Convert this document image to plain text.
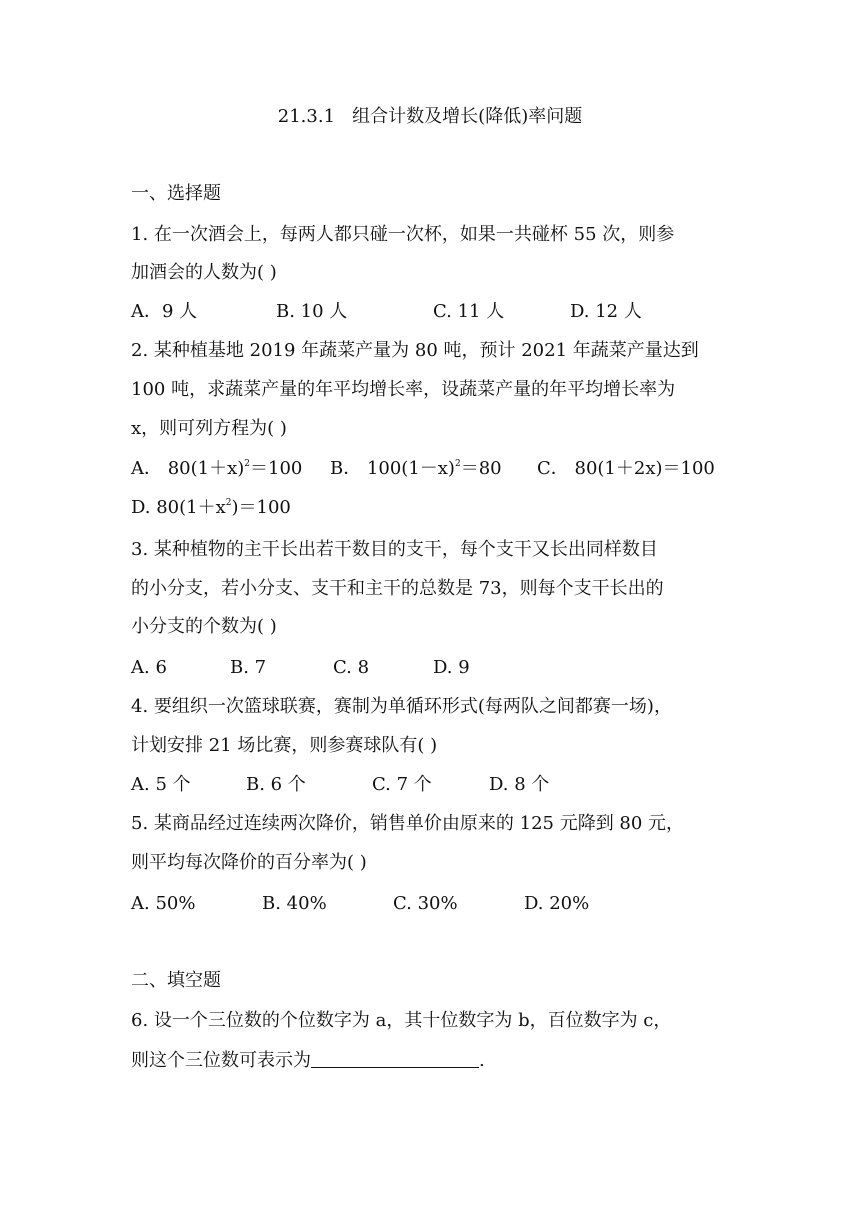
21.3.1   组合计数及增长(降低)率问题
一、选择题
1. 在一次酒会上，每两人都只碰一次杯，如果一共碰杯 55 次，则参
加酒会的人数为( )
A．9 人	B. 10 人	C. 11 人	D. 12 人
2. 某种植基地 2019 年蔬菜产量为 80 吨，预计 2021 年蔬菜产量达到
100 吨，求蔬菜产量的年平均增长率，设蔬菜产量的年平均增长率为
x，则可列方程为( )
A． $80(1+x)^2=100$ B． $100(1-x)^2=80$ C． 80(1＋2x)＝100
D. $80(1+x^2)=100$
3. 某种植物的主干长出若干数目的支干，每个支干又长出同样数目
的小分支，若小分支、支干和主干的总数是 73，则每个支干长出的
小分支的个数为( )
A. 6	B. 7	C. 8	D. 9
4. 要组织一次篮球联赛，赛制为单循环形式(每两队之间都赛一场)，
计划安排 21 场比赛，则参赛球队有( )
A. 5 个	B. 6 个	C. 7 个	D. 8 个
5. 某商品经过连续两次降价，销售单价由原来的 125 元降到 80 元，
则平均每次降价的百分率为( )
A. 50%	B. 40%	C. 30%	D. 20%
二、填空题
6. 设一个三位数的个位数字为 a，其十位数字为 b，百位数字为 c，
则这个三位数可表示为	.
